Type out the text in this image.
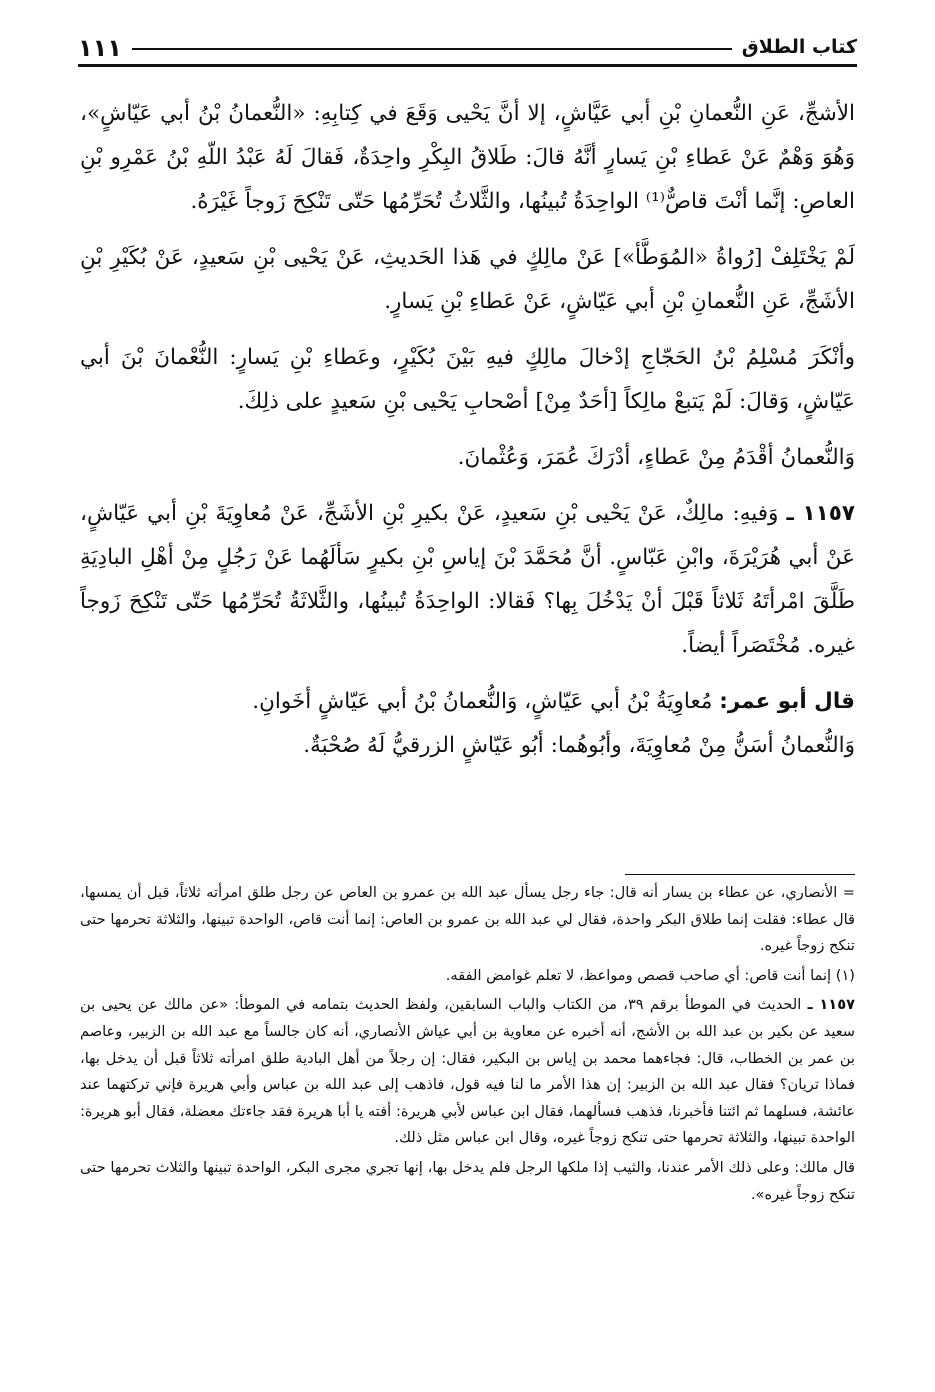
كتاب الطلاق
١١١

الأشجِّ، عَنِ النُّعمانِ بْنِ أبي عَيَّاشٍ، إلا أنَّ يَحْيى وَقَعَ في كِتابِهِ: «النُّعمانُ بْنُ أبي عَيّاشٍ»، وَهُوَ وَهْمٌ عَنْ عَطاءِ بْنِ يَسارٍ أنَّهُ قالَ: طَلاقُ البِكْرِ واحِدَةٌ، فَقالَ لَهُ عَبْدُ اللّهِ بْنُ عَمْرِو بْنِ العاصِ: إنَّما أنْتَ قاصٌّ⁽¹⁾ الواحِدَةُ تُبينُها، والثَّلاثُ تُحَرِّمُها حَتّى تَنْكِحَ زَوجاً غَيْرَهُ.

لَمْ يَخْتَلِفْ [رُواةُ «المُوَطَّأ»] عَنْ مالِكٍ في هَذا الحَديثِ، عَنْ يَحْيى بْنِ سَعيدٍ، عَنْ بُكَيْرِ بْنِ الأشَجِّ، عَنِ النُّعمانِ بْنِ أبي عَيّاشٍ، عَنْ عَطاءِ بْنِ يَسارٍ.

وأنْكَرَ مُسْلِمُ بْنُ الحَجّاجِ إدْخالَ مالِكٍ فيهِ بَيْنَ بُكَيْرٍ، وعَطاءِ بْنِ يَسارٍ: النُّعْمانَ بْنَ أبي عَيّاشٍ، وَقالَ: لَمْ يَتبعْ مالِكاً [أحَدٌ مِنْ] أصْحابِ يَحْيى بْنِ سَعيدٍ على ذلِكَ.

وَالنُّعمانُ أقْدَمُ مِنْ عَطاءٍ، أدْرَكَ عُمَرَ، وَعُثْمانَ.

١١٥٧ ـ وَفيهِ: مالِكٌ، عَنْ يَحْيى بْنِ سَعيدٍ، عَنْ بكيرِ بْنِ الأشَجِّ، عَنْ مُعاوِيَةَ بْنِ أبي عَيّاشٍ، عَنْ أبي هُرَيْرَةَ، وابْنِ عَبّاسٍ. أنَّ مُحَمَّدَ بْنَ إياسِ بْنِ بكيرٍ سَألَهُما عَنْ رَجُلٍ مِنْ أهْلِ البادِيَةِ طَلَّقَ امْرأتَهُ ثَلاثاً قَبْلَ أنْ يَدْخُلَ بِها؟ فَقالا: الواحِدَةُ تُبينُها، والثَّلاثَةُ تُحَرِّمُها حَتّى تَنْكِحَ زَوجاً غيره. مُخْتَصَراً أيضاً.

قال أبو عمر: مُعاوِيَةُ بْنُ أبي عَيّاشٍ، وَالنُّعمانُ بْنُ أبي عَيّاشٍ أخَوانِ.

وَالنُّعمانُ أسَنُّ مِنْ مُعاوِيَةَ، وأبُوهُما: أبُو عَيّاشٍ الزرقيُّ لَهُ صُحْبَةٌ.

= الأنصاري، عن عطاء بن يسار أنه قال: جاء رجل يسأل عبد الله بن عمرو بن العاص عن رجل طلق امرأته ثلاثاً، قبل أن يمسها، قال عطاء: فقلت إنما طلاق البكر واحدة، فقال لي عبد الله بن عمرو بن العاص: إنما أنت قاص، الواحدة تبينها، والثلاثة تحرمها حتى تنكح زوجاً غيره.

(١) إنما أنت قاص: أي صاحب قصص ومواعظ، لا تعلم غوامض الفقه.

١١٥٧ ـ الحديث في الموطأ برقم ٣٩، من الكتاب والباب السابقين، ولفظ الحديث بتمامه في الموطأ: «عن مالك عن يحيى بن سعيد عن بكير بن عبد الله بن الأشج، أنه أخبره عن معاوية بن أبي عياش الأنصاري، أنه كان جالساً مع عبد الله بن الزبير، وعاصم بن عمر بن الخطاب، قال: فجاءهما محمد بن إياس بن البكير، فقال: إن رجلاً من أهل البادية طلق امرأته ثلاثاً قبل أن يدخل بها، فماذا تريان؟ فقال عبد الله بن الزبير: إن هذا الأمر ما لنا فيه قول، فاذهب إلى عبد الله بن عباس وأبي هريرة فإني تركتهما عند عائشة، فسلهما ثم ائتنا فأخبرنا، فذهب فسألهما، فقال ابن عباس لأبي هريرة: أفته يا أبا هريرة فقد جاءتك معضلة، فقال أبو هريرة: الواحدة تبينها، والثلاثة تحرمها حتى تنكح زوجاً غيره، وقال ابن عباس مثل ذلك.

قال مالك: وعلى ذلك الأمر عندنا، والثيب إذا ملكها الرجل فلم يدخل بها، إنها تجري مجرى البكر، الواحدة تبينها والثلاث تحرمها حتى تنكح زوجاً غيره».
